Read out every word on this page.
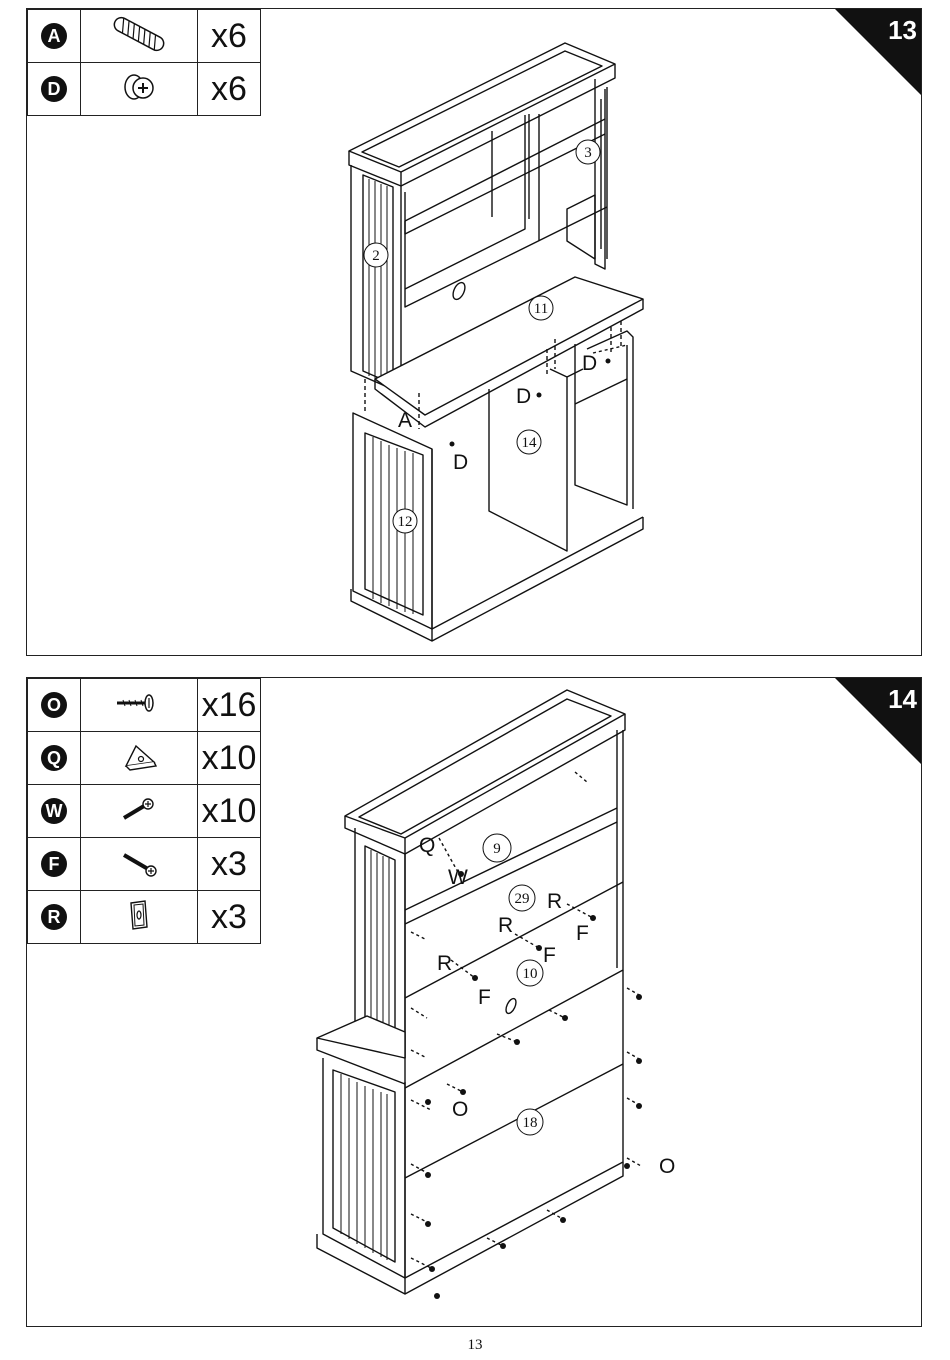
A		x6
D		x6
13
3
2
11
14
12
A
D
D
D
O		x16
Q		x10
W		x10
F		x3
R		x3
14
9
29
10
18
Q
W
R
F
R
F
R
F
O
O
13
